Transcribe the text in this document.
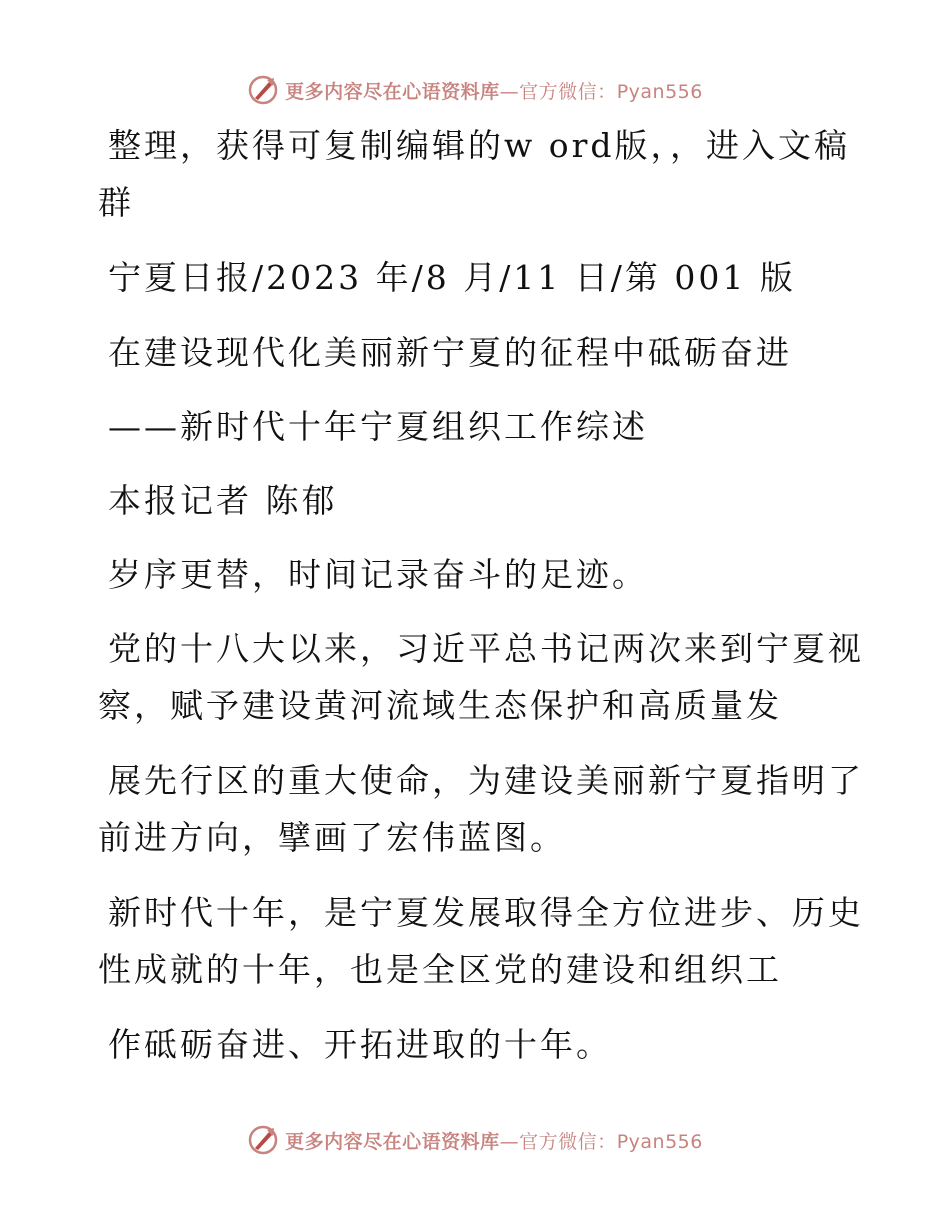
更多内容尽在心语资料库—官方微信：Pyan556
整理，获得可复制编辑的w ord版，，进入文稿
群
宁夏日报/2023 年/8 月/11 日/第 001 版
在建设现代化美丽新宁夏的征程中砥砺奋进
——新时代十年宁夏组织工作综述
本报记者 陈郁
岁序更替，时间记录奋斗的足迹。
党的十八大以来，习近平总书记两次来到宁夏视
察，赋予建设黄河流域生态保护和高质量发
展先行区的重大使命，为建设美丽新宁夏指明了
前进方向，擘画了宏伟蓝图。
新时代十年，是宁夏发展取得全方位进步、历史
性成就的十年，也是全区党的建设和组织工
作砥砺奋进、开拓进取的十年。
更多内容尽在心语资料库—官方微信：Pyan556
